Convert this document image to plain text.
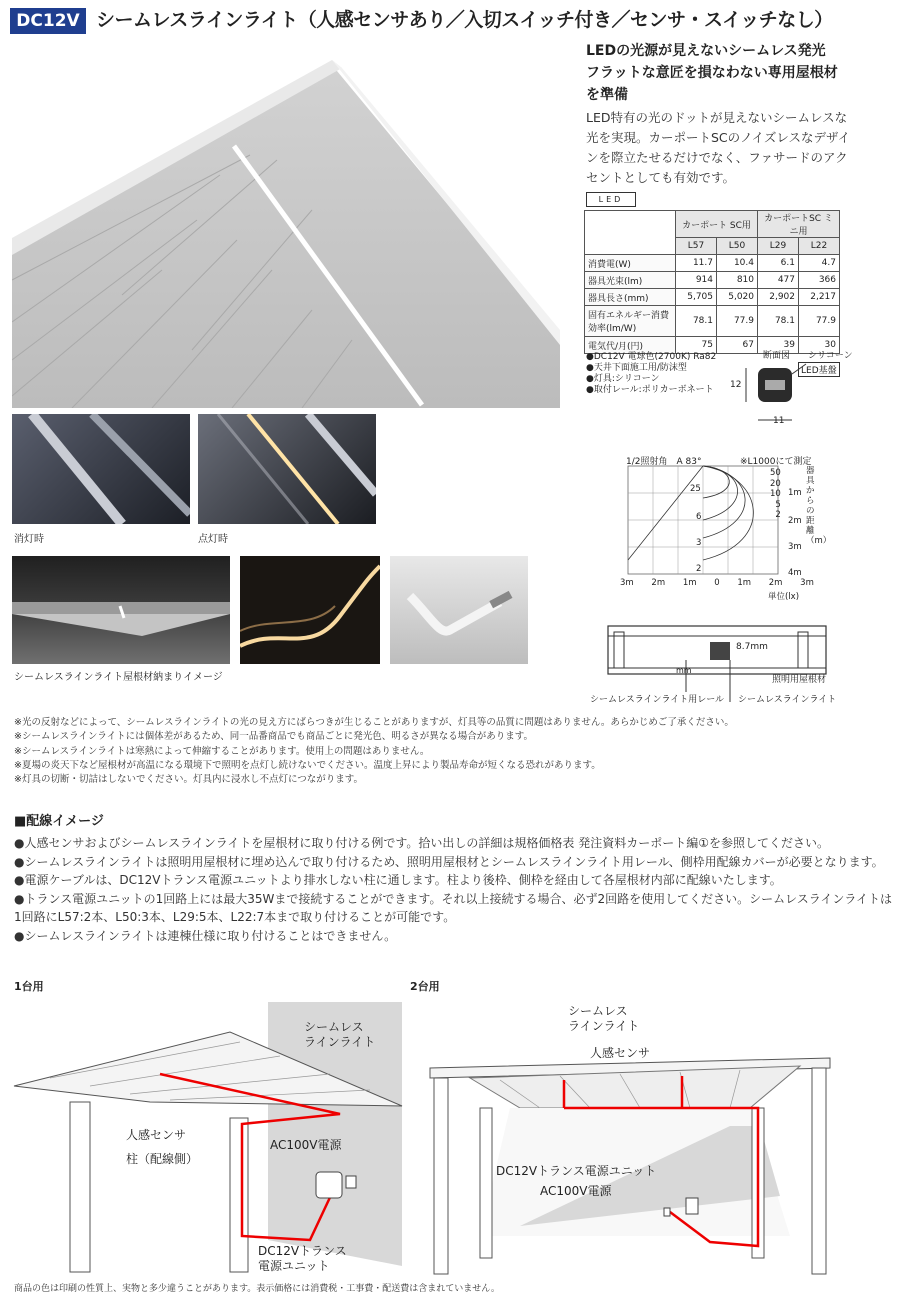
DC12V シームレスラインライト（人感センサあり／入切スイッチ付き／センサ・スイッチなし）
消灯時	点灯時
シームレスラインライト屋根材納まりイメージ
LEDの光源が見えないシームレス発光
フラットな意匠を損なわない専用屋根材
を準備
LED特有の光のドットが見えないシームレスな光を実現。カーポートSCのノイズレスなデザインを際立たせるだけでなく、ファサードのアクセントとしても有効です。
LED
	カーポート SC用		カーポートSC ミニ用	
	L57	L50	L29	L22
消費電(W)	11.7	10.4	6.1	4.7
器具光束(lm)	914	810	477	366
器具長さ(mm)	5,705	5,020	2,902	2,217
固有エネルギー消費効率(lm/W)	78.1	77.9	78.1	77.9
電気代/月(円)	75	67	39	30
●DC12V 電球色(2700K) Ra82
●天井下面施工用/防沫型
●灯具:シリコーン
●取付レール:ポリカーボネート
断面図 シリコーン
LED基盤
12
11
1/2照射角　A 83°	※L1000にて測定
50
20
10
5
2
25
6
3
2
1m
2m
3m
4m
器具からの距離（m）
3m 2m 1m 0 1m 2m 3m
単位(lx)
8.7mm
mm
照明用屋根材
シームレスラインライト用レール シームレスラインライト
※光の反射などによって、シームレスラインライトの光の見え方にばらつきが生じることがありますが、灯具等の品質に問題はありません。あらかじめご了承ください。
※シームレスラインライトには個体差があるため、同一品番商品でも商品ごとに発光色、明るさが異なる場合があります。
※シームレスラインライトは寒熱によって伸縮することがあります。使用上の問題はありません。
※夏場の炎天下など屋根材が高温になる環境下で照明を点灯し続けないでください。温度上昇により製品寿命が短くなる恐れがあります。
※灯具の切断・切詰はしないでください。灯具内に浸水し不点灯につながります。
■配線イメージ

●人感センサおよびシームレスラインライトを屋根材に取り付ける例です。拾い出しの詳細は規格価格表 発注資料カーポート編①を参照してください。

●シームレスラインライトは照明用屋根材に埋め込んで取り付けるため、照明用屋根材とシームレスラインライト用レール、側枠用配線カバーが必要となります。

●電源ケーブルは、DC12Vトランス電源ユニットより排水しない柱に通します。柱より後枠、側枠を経由して各屋根材内部に配線いたします。

●トランス電源ユニットの1回路上には最大35Wまで接続することができます。それ以上接続する場合、必ず2回路を使用してください。シームレスラインライトは1回路にL57:2本、L50:3本、L29:5本、L22:7本まで取り付けることが可能です。

●シームレスラインライトは連棟仕様に取り付けることはできません。

1台用
シームレス
ラインライト
人感センサ
柱（配線側）
AC100V電源
DC12Vトランス
電源ユニット
2台用
シームレス
ラインライト
人感センサ
DC12Vトランス電源ユニット
AC100V電源
商品の色は印刷の性質上、実物と多少違うことがあります。表示価格には消費税・工事費・配送費は含まれていません。
